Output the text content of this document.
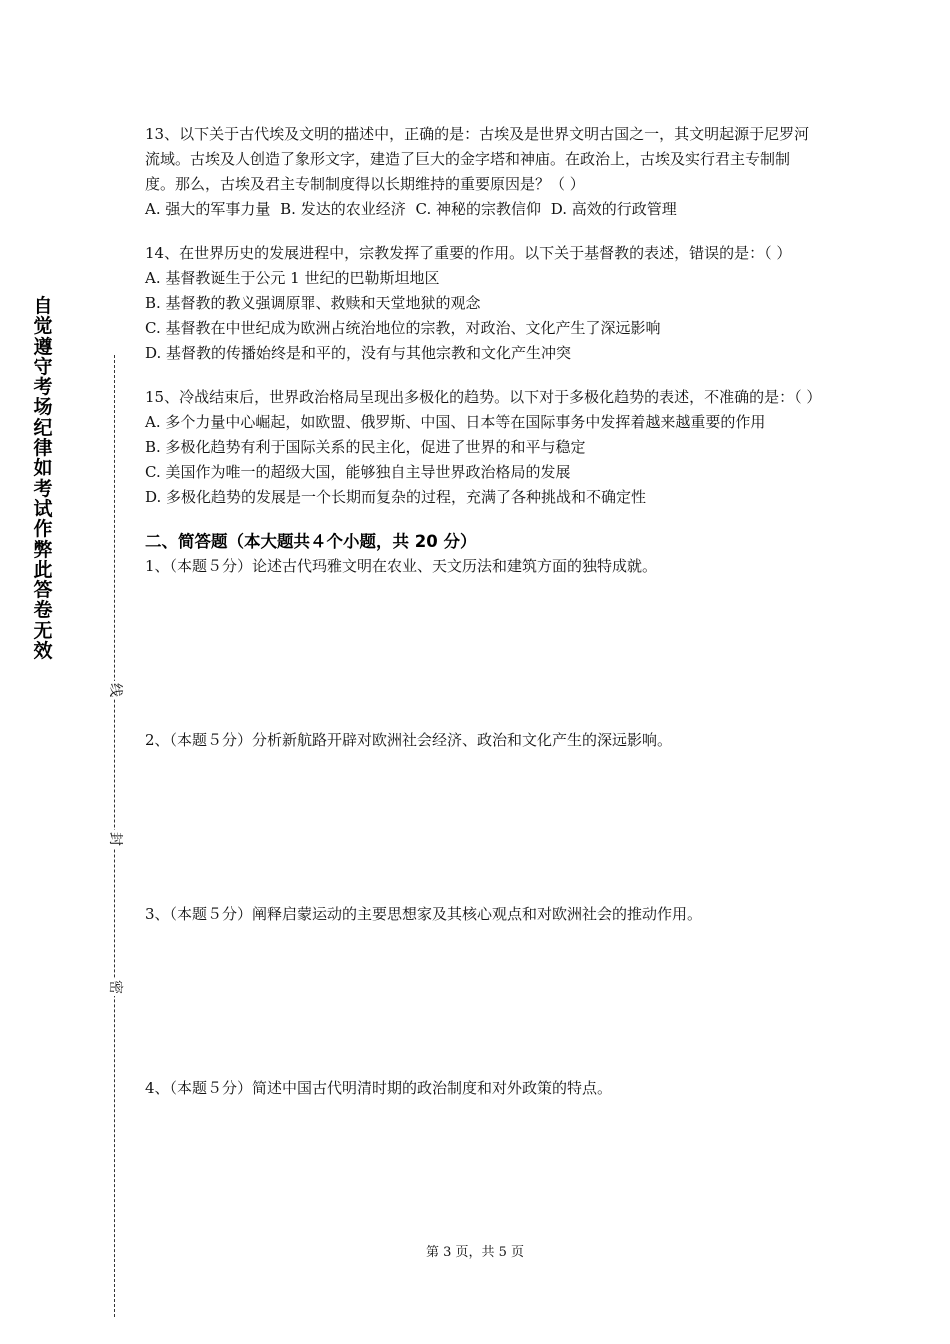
自觉遵守考场纪律如考试作弊此答卷无效
线
封
密

13、以下关于古代埃及文明的描述中，正确的是：古埃及是世界文明古国之一，其文明起源于尼罗河流域。古埃及人创造了象形文字，建造了巨大的金字塔和神庙。在政治上，古埃及实行君主专制制度。那么，古埃及君主专制制度得以长期维持的重要原因是？（ ）

A. 强大的军事力量 B. 发达的农业经济 C. 神秘的宗教信仰 D. 高效的行政管理

14、在世界历史的发展进程中，宗教发挥了重要的作用。以下关于基督教的表述，错误的是：（ ）

A. 基督教诞生于公元 1 世纪的巴勒斯坦地区

B. 基督教的教义强调原罪、救赎和天堂地狱的观念

C. 基督教在中世纪成为欧洲占统治地位的宗教，对政治、文化产生了深远影响

D. 基督教的传播始终是和平的，没有与其他宗教和文化产生冲突

15、冷战结束后，世界政治格局呈现出多极化的趋势。以下对于多极化趋势的表述，不准确的是：（ ）

A. 多个力量中心崛起，如欧盟、俄罗斯、中国、日本等在国际事务中发挥着越来越重要的作用

B. 多极化趋势有利于国际关系的民主化，促进了世界的和平与稳定

C. 美国作为唯一的超级大国，能够独自主导世界政治格局的发展

D. 多极化趋势的发展是一个长期而复杂的过程，充满了各种挑战和不确定性

二、简答题（本大题共４个小题，共 20 分）

1、（本题５分）论述古代玛雅文明在农业、天文历法和建筑方面的独特成就。

2、（本题５分）分析新航路开辟对欧洲社会经济、政治和文化产生的深远影响。

3、（本题５分）阐释启蒙运动的主要思想家及其核心观点和对欧洲社会的推动作用。

4、（本题５分）简述中国古代明清时期的政治制度和对外政策的特点。

第 3 页，共 5 页
